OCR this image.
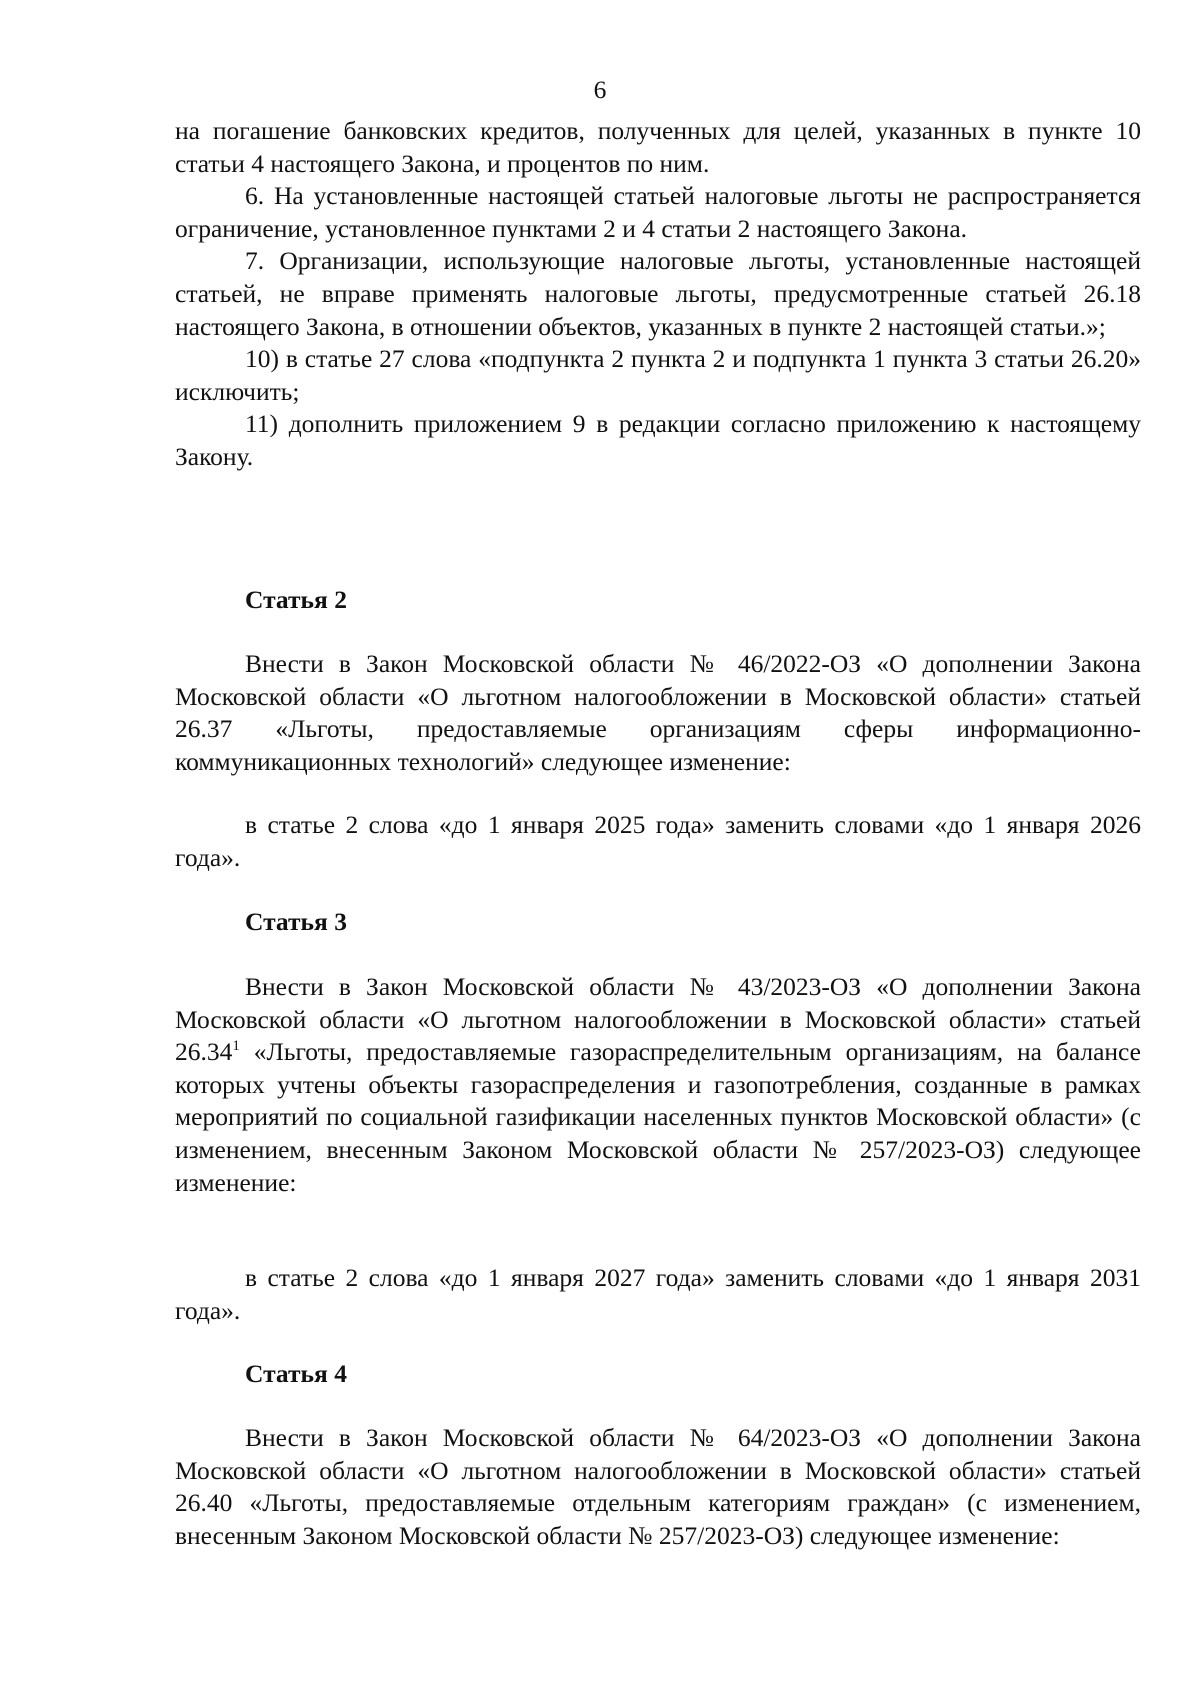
6

на погашение банковских кредитов, полученных для целей, указанных в пункте 10 статьи 4 настоящего Закона, и процентов по ним.

6. На установленные настоящей статьей налоговые льготы не распространяется ограничение, установленное пунктами 2 и 4 статьи 2 настоящего Закона.

7. Организации, использующие налоговые льготы, установленные настоящей статьей, не вправе применять налоговые льготы, предусмотренные статьей 26.18 настоящего Закона, в отношении объектов, указанных в пункте 2 настоящей статьи.»;

10) в статье 27 слова «подпункта 2 пункта 2 и подпункта 1 пункта 3 статьи 26.20» исключить;

11) дополнить приложением 9 в редакции согласно приложению к настоящему Закону.

Статья 2

Внести в Закон Московской области № 46/2022-ОЗ «О дополнении Закона Московской области «О льготном налогообложении в Московской области» статьей 26.37 «Льготы, предоставляемые организациям сферы информационно-коммуникационных технологий» следующее изменение:

в статье 2 слова «до 1 января 2025 года» заменить словами «до 1 января 2026 года».

Статья 3

Внести в Закон Московской области № 43/2023-ОЗ «О дополнении Закона Московской области «О льготном налогообложении в Московской области» статьей 26.34$^1$ «Льготы, предоставляемые газораспределительным организациям, на балансе которых учтены объекты газораспределения и газопотребления, созданные в рамках мероприятий по социальной газификации населенных пунктов Московской области» (с изменением, внесенным Законом Московской области № 257/2023-ОЗ) следующее изменение:

в статье 2 слова «до 1 января 2027 года» заменить словами «до 1 января 2031 года».

Статья 4

Внести в Закон Московской области № 64/2023-ОЗ «О дополнении Закона Московской области «О льготном налогообложении в Московской области» статьей 26.40 «Льготы, предоставляемые отдельным категориям граждан» (с изменением, внесенным Законом Московской области № 257/2023-ОЗ) следующее изменение:
